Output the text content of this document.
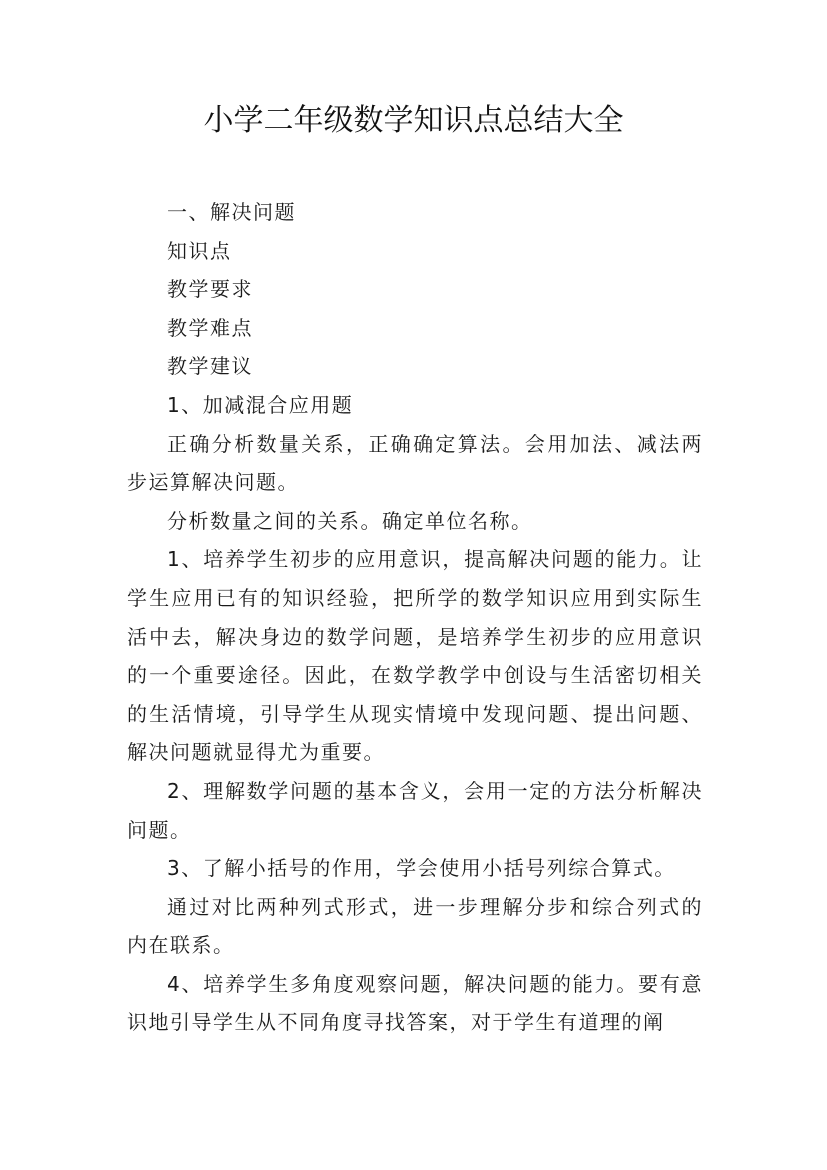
小学二年级数学知识点总结大全

一、解决问题

知识点

教学要求

教学难点

教学建议

1、加减混合应用题

正确分析数量关系，正确确定算法。会用加法、减法两步运算解决问题。

分析数量之间的关系。确定单位名称。

1、培养学生初步的应用意识，提高解决问题的能力。让学生应用已有的知识经验，把所学的数学知识应用到实际生活中去，解决身边的数学问题，是培养学生初步的应用意识的一个重要途径。因此，在数学教学中创设与生活密切相关的生活情境，引导学生从现实情境中发现问题、提出问题、解决问题就显得尤为重要。

2、理解数学问题的基本含义，会用一定的方法分析解决问题。

3、了解小括号的作用，学会使用小括号列综合算式。

通过对比两种列式形式，进一步理解分步和综合列式的内在联系。

4、培养学生多角度观察问题，解决问题的能力。要有意识地引导学生从不同角度寻找答案，对于学生有道理的阐
